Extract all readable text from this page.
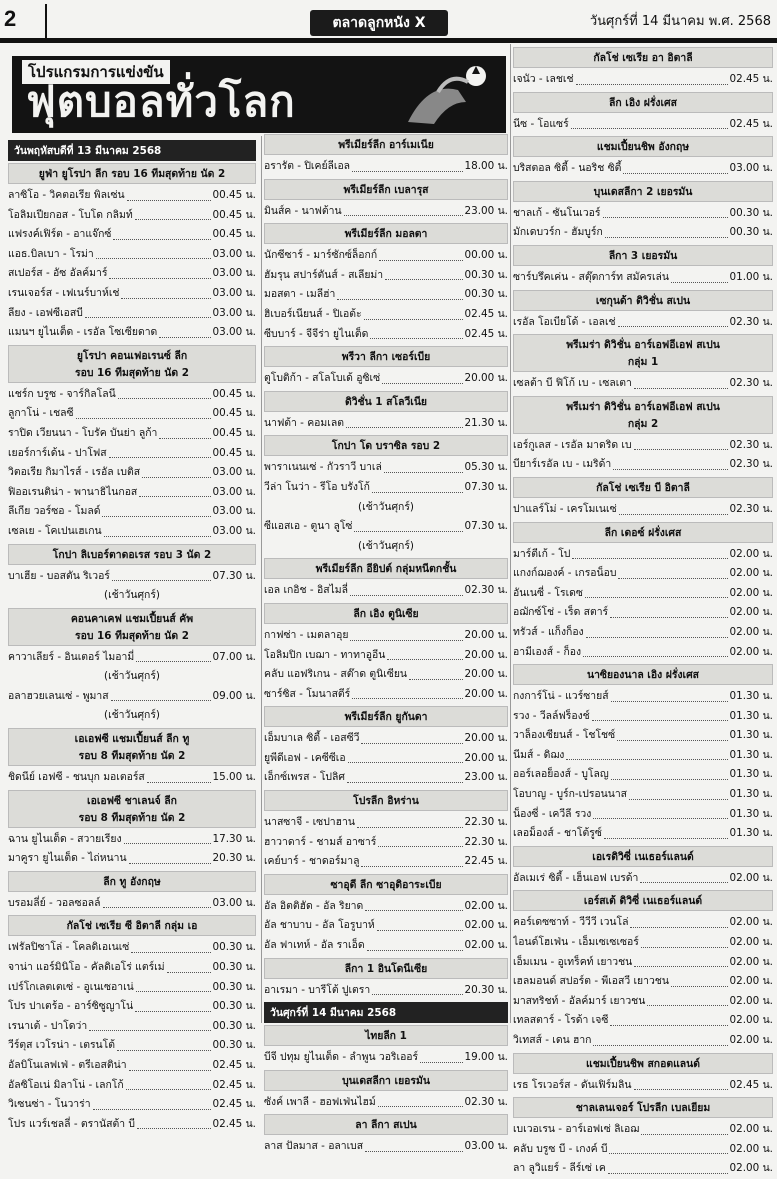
2	ตลาดลูกหนัง X	วันศุกร์ที่ 14 มีนาคม พ.ศ. 2568
โปรแกรมการแข่งขัน
ฟุตบอลทั่วโลก
วันพฤหัสบดีที่ 13 มีนาคม 2568
ยูฟ่า ยูโรปา ลีก รอบ 16 ทีมสุดท้าย นัด 2
ลาซิโอ - วิคตอเรีย พิลเซ่น	00.45 น.
โอลิมเปียกอส - โบโด กลิมท์	00.45 น.
แฟรงค์เฟิร์ต - อาแจ๊กซ์	00.45 น.
แอธ.บิลเบา - โรม่า	03.00 น.
สเปอร์ส - อัซ อัลค์มาร์	03.00 น.
เรนเจอร์ส - เฟเนร์บาห์เช่	03.00 น.
ลียง - เอฟซีเอสบี	03.00 น.
แมนฯ ยูไนเต็ด - เรอัล โซเซียดาด	03.00 น.
ยูโรปา คอนเฟอเรนซ์ ลีก
รอบ 16 ทีมสุดท้าย นัด 2
แชร์ก บรูซ - จาร์กิลโลนี	00.45 น.
ลูกาโน่ - เชลซี	00.45 น.
ราปิด เวียนนา - โบรัค บันย่า ลูก้า	00.45 น.
เยอร์การ์เด้น - ปาโฟส	00.45 น.
วิตอเรีย กิมาไรส์ - เรอัล เบติส	03.00 น.
ฟิออเรนติน่า - พานาธิไนกอส	03.00 น.
ลีเกีย วอร์ซอ - โมลด์	03.00 น.
เซลเย - โคเปนเฮเกน	03.00 น.
โกปา ลิเบอร์ตาดอเรส รอบ 3 นัด 2
บาเฮีย - บอสตัน ริเวอร์	07.30 น.
(เช้าวันศุกร์)
คอนคาเคฟ แชมเปี้ยนส์ คัพ
รอบ 16 ทีมสุดท้าย นัด 2
คาวาเลียร์ - อินเตอร์ ไมอามี่	07.00 น.
(เช้าวันศุกร์)
อลาฮวยเลนเซ่ - พูมาส	09.00 น.
(เช้าวันศุกร์)
เอเอฟซี แชมเปี้ยนส์ ลีก ทู
รอบ 8 ทีมสุดท้าย นัด 2
ชิดนีย์ เอฟซี - ชนบุก มอเตอร์ส	15.00 น.
เอเอฟซี ชาเลนจ์ ลีก
รอบ 8 ทีมสุดท้าย นัด 2
ฉาน ยูไนเต็ด - สวายเรียง	17.30 น.
มาคูรา ยูไนเต็ด - ไถ่หนาน	20.30 น.
ลีก ทู อังกฤษ
บรอมลี่ย์ - วอลซอลล์	03.00 น.
กัลโช่ เซเรีย ซี อิตาลี กลุ่ม เอ
เฟรัลปิซาโล่ - โคลดิเอเนเซ่	00.30 น.
จาน่า แอร์มินิโอ - คัลดิเอโร่ แตร์เม่	00.30 น.
เปร์โกเลตเตเซ่ - อูเนเซอาเน่	00.30 น.
โปร ปาเตร้อ - อาร์ซิซูญาโน่	00.30 น.
เรนาเต้ - ปาโดว่า	00.30 น.
วีร์ตุส เวโรน่า - เตรนโต้	00.30 น.
อัลบิโนเลฟเฟ่ - ตรีเอสติน่า	02.45 น.
อัลซิโอเน่ มิลาโน่ - เลกโก้	02.45 น.
วิเซนซ่า - โนวาร่า	02.45 น.
โปร แวร์เชลลี่ - ตรานัสต้า บี	02.45 น.
พรีเมียร์ลีก อาร์เมเนีย
อรารัต - ปิเคย์ลีเอล	18.00 น.
พรีเมียร์ลีก เบลารุส
มินส์ค - นาฟต้าน	23.00 น.
พรีเมียร์ลีก มอลตา
นักซีซาร์ - มาร์ซักซ์ล็อกก์	00.00 น.
ฮัมรุน สปาร์ตันส์ - สเลียม่า	00.30 น.
มอสตา - เมลีฮ่า	00.30 น.
ฮิเบอร์เนียนส์ - ปิเอต้ะ	02.45 น.
ซีบบาร์ - จีจีร่า ยูไนเต็ด	02.45 น.
พรีวา ลีกา เซอร์เบีย
ตูโบติก้า - สโลโบเด้ อูซิเซ่	20.00 น.
ดิวิชั่น 1 สโลวีเนีย
นาฟต้า - คอมเลต	21.30 น.
โกปา โด บราซิล รอบ 2
พาราเนนเซ่ - กัวราวี บาเล่	05.30 น.
วีล่า โนว่า - รีโอ บรังโก้	07.30 น.
(เช้าวันศุกร์)
ซีแอสเอ - ตูนา ลูโซ่	07.30 น.
(เช้าวันศุกร์)
พรีเมียร์ลีก อียิปต์ กลุ่มหนีตกชั้น
เอล เกอิช - อิสไมลี่	02.30 น.
ลีก เอิง ตูนิเซีย
กาฟซ่า - เมตลาอุย	20.00 น.
โอลิมปิก เบฌา - ทาทาอูอีน	20.00 น.
คลับ แอฟริเกน - สต๊าด ตูนิเซียน	20.00 น.
ซาร์ซิส - โมนาสตีร์	20.00 น.
พรีเมียร์ลีก ยูกันดา
เอ็มบาเล ซิตี้ - เอสซีวี	20.00 น.
ยูพีดีเอฟ - เคซีซีเอ	20.00 น.
เอ็กซ์เพรส - โปลิศ	23.00 น.
โปรลีก อิหร่าน
นาสซาจี - เซปาฮาน	22.30 น.
ฮาวาดาร์ - ชามส์ อาซาร์	22.30 น.
เคย์บาร์ - ชาดอร์มาลู	22.45 น.
ซาอุดี ลีก ซาอุดิอาระเบีย
อัล อิตติฮัด - อัล ริยาด	02.00 น.
อัล ชาบาบ - อัล โอรูบาห์	02.00 น.
อัล ฟาเทห์ - อัล ราเอ็ด	02.00 น.
ลีกา 1 อินโดนีเซีย
อาเรมา - บารีโต้ ปูเตรา	20.30 น.
วันศุกร์ที่ 14 มีนาคม 2568
ไทยลีก 1
บีจี ปทุม ยูไนเต็ด - ลำพูน วอริเออร์	19.00 น.
บุนเดสลีกา เยอรมัน
ซังค์ เพาลี - ฮอฟเฟ่นไฮม์	02.30 น.
ลา ลีกา สเปน
ลาส ปัลมาส - อลาเบส	03.00 น.
กัลโช่ เซเรีย อา อิตาลี
เจนัว - เลชเช่	02.45 น.
ลีก เอิง ฝรั่งเศส
นีซ - โอแซร์	02.45 น.
แชมเปี้ยนชิพ อังกฤษ
บริสตอล ซิตี้ - นอริช ซิตี้	03.00 น.
บุนเดสลีกา 2 เยอรมัน
ชาลเก้ - ซันโนเวอร์	00.30 น.
มักเดบวร์ก - ฮัมบูร์ก	00.30 น.
ลีกา 3 เยอรมัน
ซาร์บรึคเค่น - สตุ๊ตการ์ท สมัครเล่น	01.00 น.
เซกุนด้า ดิวิชั่น สเปน
เรอัล โอเบียโด้ - เอลเช่	02.30 น.
พรีเมร่า ดิวิชั่น อาร์เอฟอีเอฟ สเปน
กลุ่ม 1
เซลต้า บี ฟิโก้ เบ - เซลเตา	02.30 น.
พรีเมร่า ดิวิชั่น อาร์เอฟอีเอฟ สเปน
กลุ่ม 2
เอร์กูเลส - เรอัล มาดริด เบ	02.30 น.
บียาร์เรอัล เบ - เมริด้า	02.30 น.
กัลโช่ เซเรีย บี อิตาลี
ปาแลร์โม่ - เครโมเนเซ่	02.30 น.
ลีก เดอซ์ ฝรั่งเศส
มาร์ตีเก้ - โป	02.00 น.
แกงก์ฌองค์ - เกรอน็อบ	02.00 น.
อันเนซี่ - โรเดซ	02.00 น.
อฌักซ์โช่ - เร็ด สตาร์	02.00 น.
ทรัวส์ - แก็งก็อง	02.00 น.
อามีเองส์ - ก็อง	02.00 น.
นาซิยองนาล เอิง ฝรั่งเศส
กงการ์โน่ - แวร์ซายส์	01.30 น.
รวง - วีลล์ฟร็องช์	01.30 น.
วาล็องเซียนส์ - โชโชซ์	01.30 น.
นีมส์ - ดิฌง	01.30 น.
ออร์เลอย็องส์ - บูโลญ	01.30 น.
โอบาญ - บูร์ก-เปรอนนาส	01.30 น.
น็องซี่ - เควีลี รวง	01.30 น.
เลอม็องส์ - ชาโต้รูซ์	01.30 น.
เอเรดิวิซี่ เนเธอร์แลนด์
อัลเมเร่ ซิตี้ - เฮ็นเอฟ เบรด้า	02.00 น.
เอร์สเต้ ดิวิซี่ เนเธอร์แลนด์
คอร์เดซซาท์ - วีวีวี เวนโล่	02.00 น.
ไอนด์โฮเฟ่น - เอ็มเซเซเซอร์	02.00 น.
เอ็มเมน - อูเทร็คท์ เยาวชน	02.00 น.
เฮลมอนด์ สปอร์ต - พีเอสวี เยาวชน	02.00 น.
มาสทริชท์ - อัลค์มาร์ เยาวชน	02.00 น.
เทลสตาร์ - โรด้า เจซี	02.00 น.
วิเทสส์ - เดน ฮาก	02.00 น.
แชมเปี้ยนชิพ สกอตแลนด์
เรธ โรเวอร์ส - ดันเฟิร์มลิน	02.45 น.
ชาลเลนเจอร์ โปรลีก เบลเยียม
เบเวอเรน - อาร์เอฟเซ่ ลิเอฌ	02.00 น.
คลับ บรูซ บี - เกงค์ บี	02.00 น.
ลา ลูวิแยร์ - ลีร์เซ่ เค	02.00 น.
